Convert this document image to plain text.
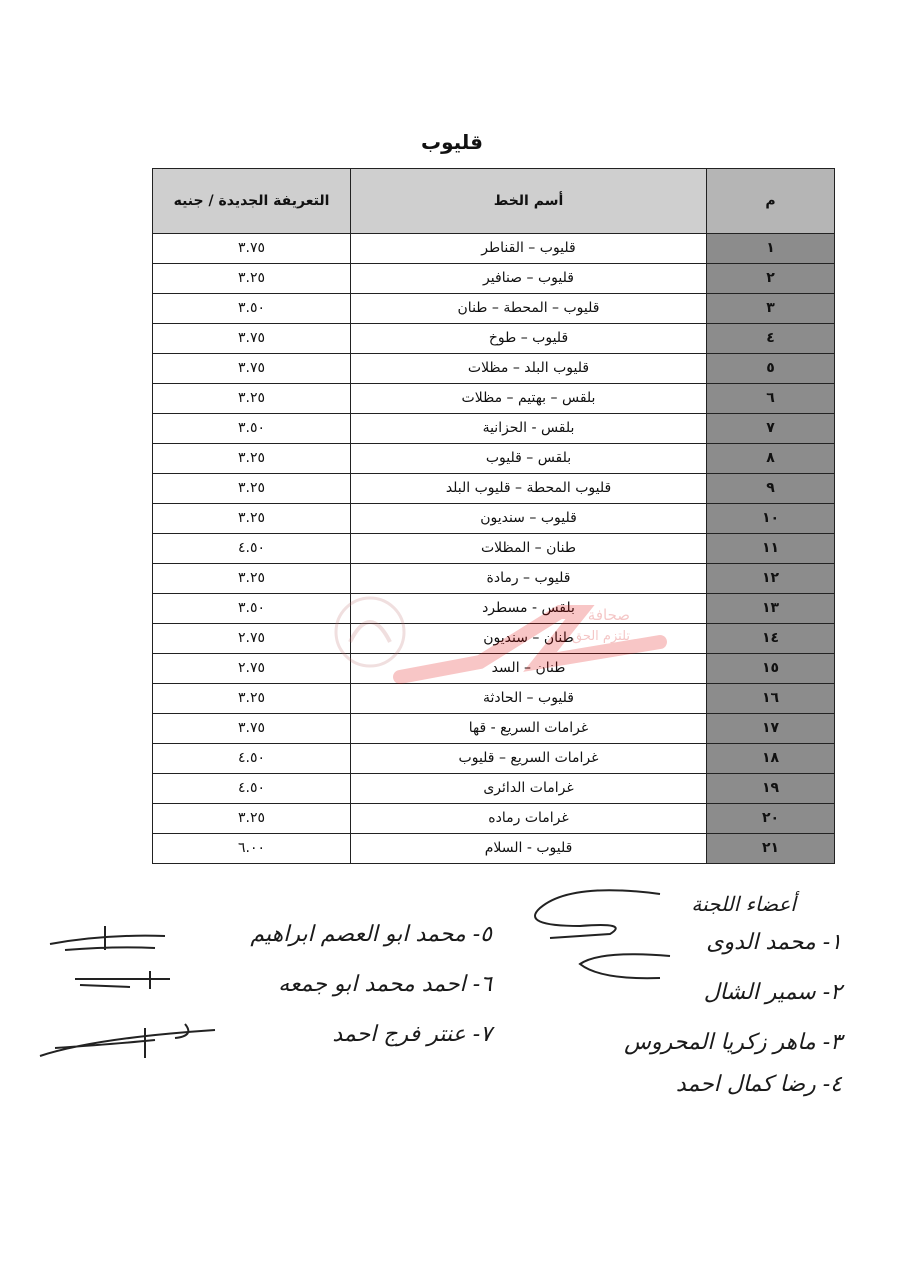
قليوب
م	أسم الخط	التعريفة الجديدة / جنيه
١	قليوب – القناطر	٣.٧٥
٢	قليوب – صنافير	٣.٢٥
٣	قليوب – المحطة – طنان	٣.٥٠
٤	قليوب – طوخ	٣.٧٥
٥	قليوب البلد – مظلات	٣.٧٥
٦	بلقس – بهتيم – مظلات	٣.٢٥
٧	بلقس - الحزانية	٣.٥٠
٨	بلقس – قليوب	٣.٢٥
٩	قليوب المحطة – قليوب البلد	٣.٢٥
١٠	قليوب – سنديون	٣.٢٥
١١	طنان – المظلات	٤.٥٠
١٢	قليوب – رمادة	٣.٢٥
١٣	بلقس - مسطرد	٣.٥٠
١٤	طنان – سنديون	٢.٧٥
١٥	طنان – السد	٢.٧٥
١٦	قليوب – الحادثة	٣.٢٥
١٧	غرامات السريع - قها	٣.٧٥
١٨	غرامات السريع – قليوب	٤.٥٠
١٩	غرامات الدائرى	٤.٥٠
٢٠	غرامات رماده	٣.٢٥
٢١	قليوب - السلام	٦.٠٠
صحافة
تلتزم الحق
أعضاء اللجنة
١- محمد الدوى
٢- سمير الشال
٣- ماهر زكريا المحروس
٤- رضا كمال احمد
٥- محمد ابو العصم ابراهيم
٦- احمد محمد ابو جمعه
٧- عنتر فرج احمد
